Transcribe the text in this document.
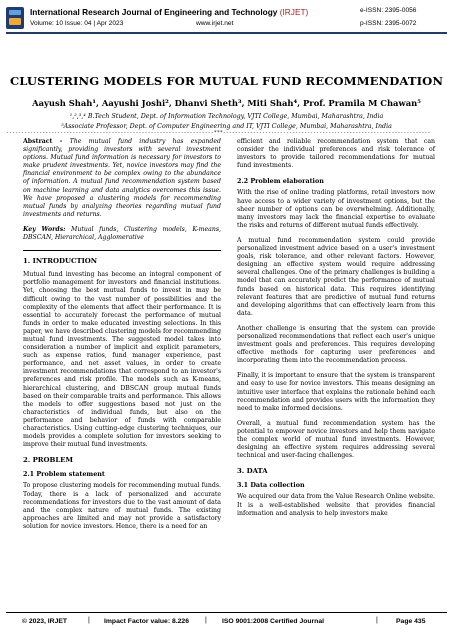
International Research Journal of Engineering and Technology (IRJET)	e-ISSN: 2395-0056
Volume: 10 Issue: 04 | Apr 2023	www.irjet.net	p-ISSN: 2395-0072
CLUSTERING MODELS FOR MUTUAL FUND RECOMMENDATION
Aayush Shah¹, Aayushi Joshi², Dhanvi Sheth³, Miti Shah⁴, Prof. Pramila M Chawan⁵
¹,²,³,⁴ B.Tech Student, Dept. of Information Technology, VJTI College, Mumbai, Maharashtra, India
⁵Associate Professor, Dept. of Computer Engineering and IT, VJTI College, Mumbai, Maharashtra, India
---------------------------------------------------------------------***---------------------------------------------------------------------

Abstract - The mutual fund industry has expanded significantly, providing investors with several investment options. Mutual fund information is necessary for investors to make prudent investments. Yet, novice investors may find the financial environment to be complex owing to the abundance of information. A mutual fund recommendation system based on machine learning and data analytics overcomes this issue. We have proposed a clustering models for recommending mutual funds by analyzing theories regarding mutual fund investments and returns.

Key Words: Mutual funds, Clustering models, K-means, DBSCAN, Hierarchical, Agglomerative

1. INTRODUCTION

Mutual fund investing has become an integral component of portfolio management for investors and financial institutions. Yet, choosing the best mutual funds to invest in may be difficult owing to the vast number of possibilities and the complexity of the elements that affect their performance. It is essential to accurately forecast the performance of mutual funds in order to make educated investing selections. In this paper, we have described clustering models for recommending mutual fund investments. The suggested model takes into consideration a number of implicit and explicit parameters, such as expense ratios, fund manager experience, past performance, and net asset values, in order to create investment recommendations that correspond to an investor's preferences and risk profile. The models such as K-means, hierarchical clustering, and DBSCAN group mutual funds based on their comparable traits and performance. This allows the models to offer suggestions based not just on the characteristics of individual funds, but also on the performance and behavior of funds with comparable characteristics. Using cutting-edge clustering techniques, our models provides a complete solution for investors seeking to improve their mutual fund investments.

2. PROBLEM
2.1 Problem statement

To propose clustering models for recommending mutual funds. Today, there is a lack of personalized and accurate recommendations for investors due to the vast amount of data and the complex nature of mutual funds. The existing approaches are limited and may not provide a satisfactory solution for novice investors. Hence, there is a need for an

efficient and reliable recommendation system that can consider the individual preferences and risk tolerance of investors to provide tailored recommendations for mutual fund investments.

2.2 Problem elaboration

With the rise of online trading platforms, retail investors now have access to a wider variety of investment options, but the sheer number of options can be overwhelming. Additionally, many investors may lack the financial expertise to evaluate the risks and returns of different mutual funds effectively.

A mutual fund recommendation system could provide personalized investment advice based on a user's investment goals, risk tolerance, and other relevant factors. However, designing an effective system would require addressing several challenges. One of the primary challenges is building a model that can accurately predict the performance of mutual funds based on historical data. This requires identifying relevant features that are predictive of mutual fund returns and developing algorithms that can effectively learn from this data.

Another challenge is ensuring that the system can provide personalized recommendations that reflect each user's unique investment goals and preferences. This requires developing effective methods for capturing user preferences and incorporating them into the recommendation process.

Finally, it is important to ensure that the system is transparent and easy to use for novice investors. This means designing an intuitive user interface that explains the rationale behind each recommendation and provides users with the information they need to make informed decisions.

Overall, a mutual fund recommendation system has the potential to empower novice investors and help them navigate the complex world of mutual fund investments. However, designing an effective system requires addressing several technical and user-facing challenges.

3. DATA
3.1 Data collection

We acquired our data from the Value Research Online website. It is a well-established website that provides financial information and analysis to help investors make

© 2023, IRJET	| Impact Factor value: 8.226 | ISO 9001:2008 Certified Journal	|	Page 435
